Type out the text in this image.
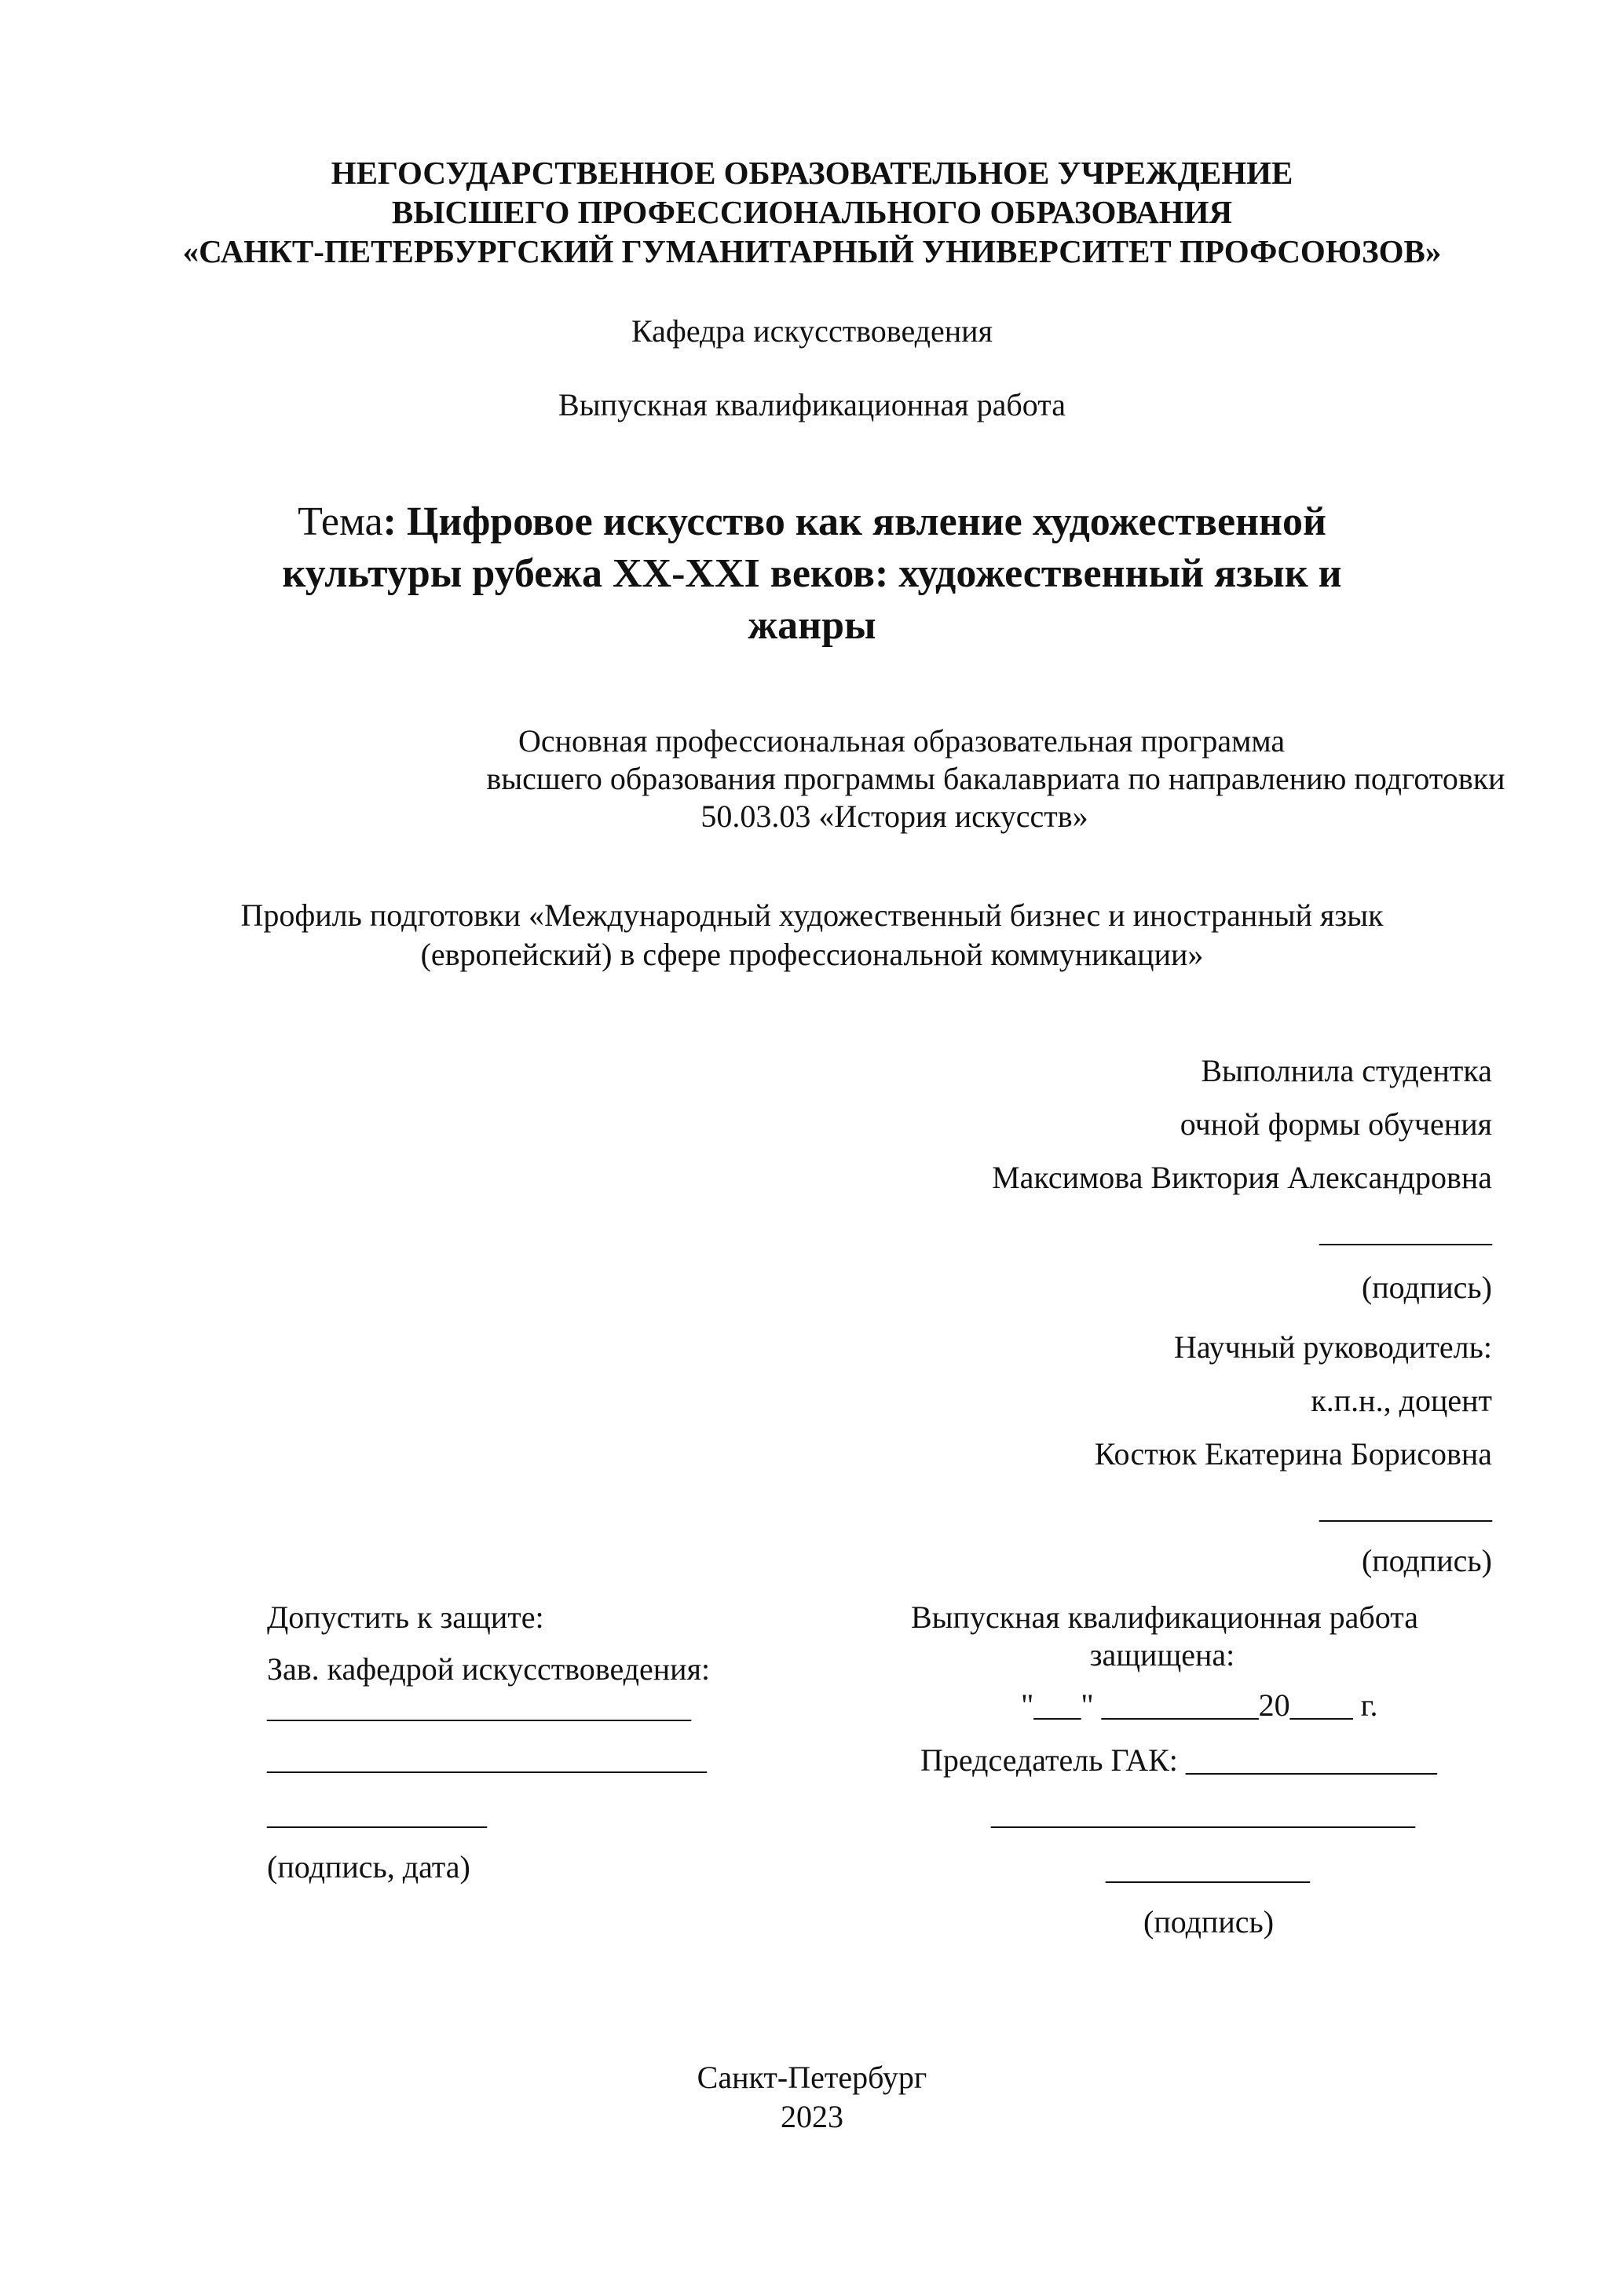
НЕГОСУДАРСТВЕННОЕ ОБРАЗОВАТЕЛЬНОЕ УЧРЕЖДЕНИЕ
ВЫСШЕГО ПРОФЕССИОНАЛЬНОГО ОБРАЗОВАНИЯ
«САНКТ-ПЕТЕРБУРГСКИЙ ГУМАНИТАРНЫЙ УНИВЕРСИТЕТ ПРОФСОЮЗОВ»
Кафедра искусствоведения
Выпускная квалификационная работа
Тема: Цифровое искусство как явление художественной
культуры рубежа XX-XXI веков: художественный язык и
жанры
Основная профессиональная образовательная программа
высшего образования программы бакалавриата по направлению подготовки
50.03.03 «История искусств»
Профиль подготовки «Международный художественный бизнес и иностранный язык
(европейский) в сфере профессиональной коммуникации»
Выполнила студентка
очной формы обучения
Максимова Виктория Александровна
___________
(подпись)
Научный руководитель:
к.п.н., доцент
Костюк Екатерина Борисовна
___________
(подпись)
Допустить к защите:
Зав. кафедрой искусствоведения:
___________________________
____________________________
______________
(подпись, дата)
Выпускная квалификационная работа
защищена:
"___" __________20____ г.
Председатель ГАК: ________________
___________________________
_____________
(подпись)
Санкт-Петербург
2023
